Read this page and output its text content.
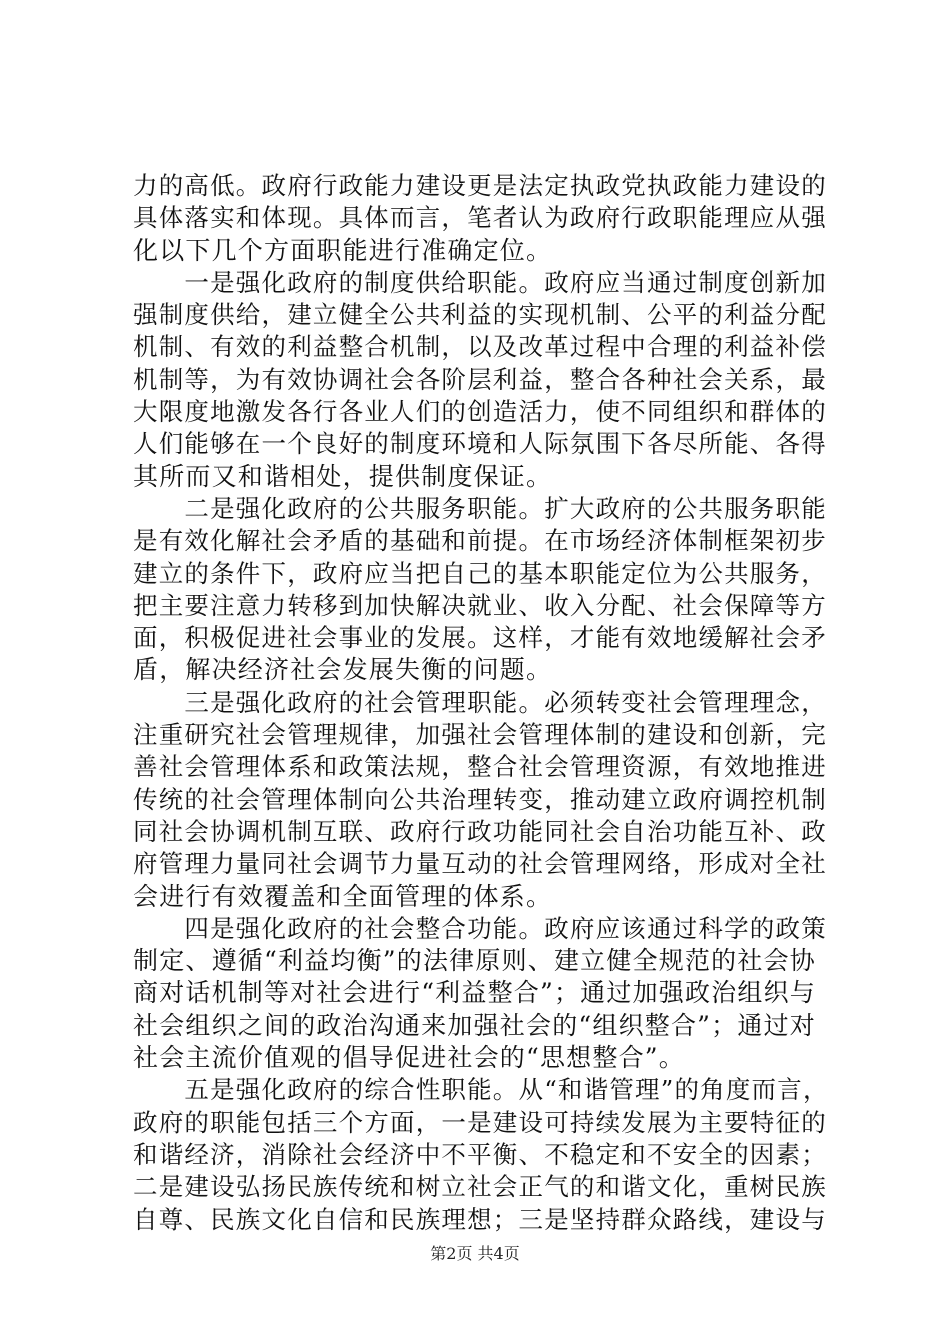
力的高低。政府行政能力建设更是法定执政党执政能力建设的
具体落实和体现。具体而言，笔者认为政府行政职能理应从强
化以下几个方面职能进行准确定位。
　　一是强化政府的制度供给职能。政府应当通过制度创新加
强制度供给，建立健全公共利益的实现机制、公平的利益分配
机制、有效的利益整合机制，以及改革过程中合理的利益补偿
机制等，为有效协调社会各阶层利益，整合各种社会关系，最
大限度地激发各行各业人们的创造活力，使不同组织和群体的
人们能够在一个良好的制度环境和人际氛围下各尽所能、各得
其所而又和谐相处，提供制度保证。
　　二是强化政府的公共服务职能。扩大政府的公共服务职能
是有效化解社会矛盾的基础和前提。在市场经济体制框架初步
建立的条件下，政府应当把自己的基本职能定位为公共服务，
把主要注意力转移到加快解决就业、收入分配、社会保障等方
面，积极促进社会事业的发展。这样，才能有效地缓解社会矛
盾，解决经济社会发展失衡的问题。
　　三是强化政府的社会管理职能。必须转变社会管理理念，
注重研究社会管理规律，加强社会管理体制的建设和创新，完
善社会管理体系和政策法规，整合社会管理资源，有效地推进
传统的社会管理体制向公共治理转变，推动建立政府调控机制
同社会协调机制互联、政府行政功能同社会自治功能互补、政
府管理力量同社会调节力量互动的社会管理网络，形成对全社
会进行有效覆盖和全面管理的体系。
　　四是强化政府的社会整合功能。政府应该通过科学的政策
制定、遵循“利益均衡”的法律原则、建立健全规范的社会协
商对话机制等对社会进行“利益整合”；通过加强政治组织与
社会组织之间的政治沟通来加强社会的“组织整合”；通过对
社会主流价值观的倡导促进社会的“思想整合”。
　　五是强化政府的综合性职能。从“和谐管理”的角度而言，
政府的职能包括三个方面，一是建设可持续发展为主要特征的
和谐经济，消除社会经济中不平衡、不稳定和不安全的因素；
二是建设弘扬民族传统和树立社会正气的和谐文化，重树民族
自尊、民族文化自信和民族理想；三是坚持群众路线，建设与
第2页 共4页
